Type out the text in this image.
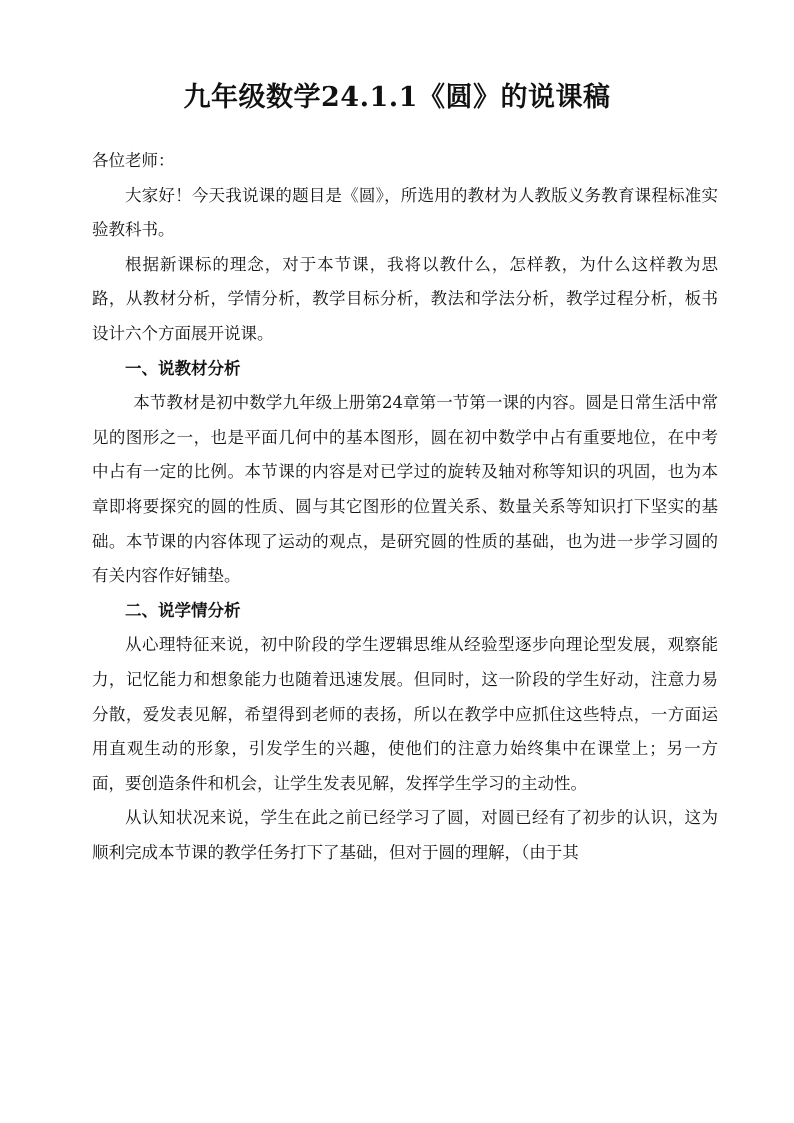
九年级数学24.1.1《圆》的说课稿

各位老师：

大家好！今天我说课的题目是《圆》，所选用的教材为人教版义务教育课程标准实验教科书。

根据新课标的理念，对于本节课，我将以教什么，怎样教，为什么这样教为思路，从教材分析，学情分析，教学目标分析，教法和学法分析，教学过程分析，板书设计六个方面展开说课。

一、说教材分析

本节教材是初中数学九年级上册第24章第一节第一课的内容。圆是日常生活中常见的图形之一，也是平面几何中的基本图形，圆在初中数学中占有重要地位，在中考中占有一定的比例。本节课的内容是对已学过的旋转及轴对称等知识的巩固，也为本章即将要探究的圆的性质、圆与其它图形的位置关系、数量关系等知识打下坚实的基础。本节课的内容体现了运动的观点，是研究圆的性质的基础，也为进一步学习圆的有关内容作好铺垫。

二、说学情分析

从心理特征来说，初中阶段的学生逻辑思维从经验型逐步向理论型发展，观察能力，记忆能力和想象能力也随着迅速发展。但同时，这一阶段的学生好动，注意力易分散，爱发表见解，希望得到老师的表扬，所以在教学中应抓住这些特点，一方面运用直观生动的形象，引发学生的兴趣，使他们的注意力始终集中在课堂上；另一方面，要创造条件和机会，让学生发表见解，发挥学生学习的主动性。

从认知状况来说，学生在此之前已经学习了圆，对圆已经有了初步的认识，这为顺利完成本节课的教学任务打下了基础，但对于圆的理解，（由于其
